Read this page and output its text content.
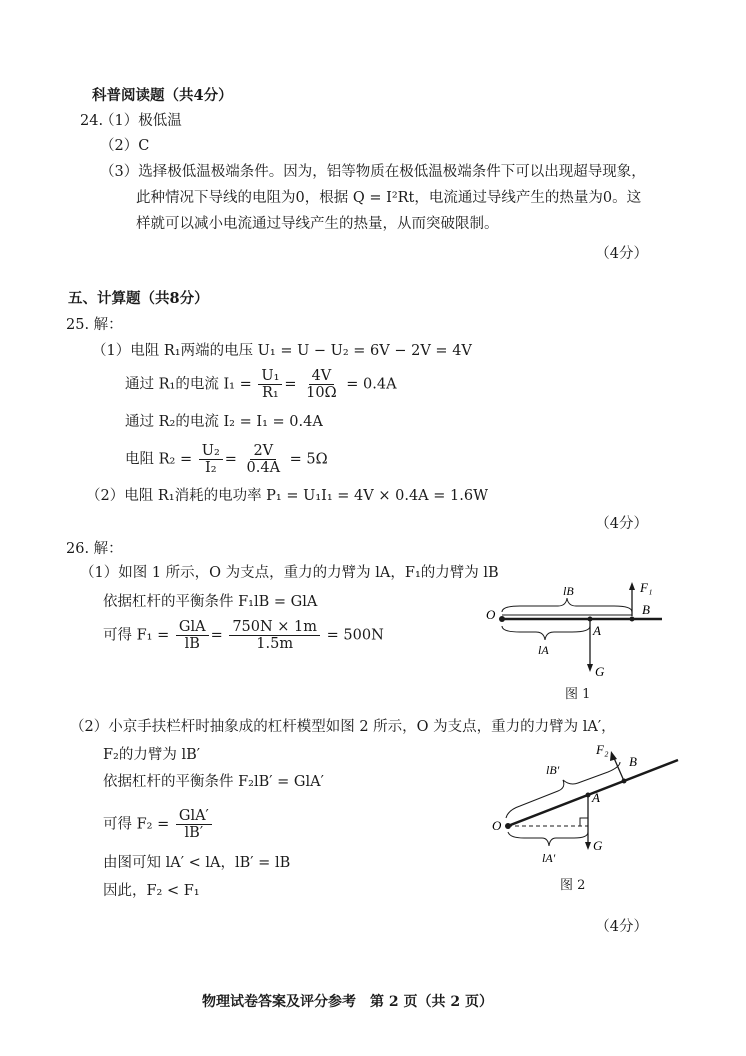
科普阅读题（共4分）
24.
（1）极低温
（2）C
（3）选择极低温极端条件。因为，铝等物质在极低温极端条件下可以出现超导现象，
此种情况下导线的电阻为0，根据 Q = I²Rt，电流通过导线产生的热量为0。这
样就可以减小电流通过导线产生的热量，从而突破限制。
（4分）
五、计算题（共8分）
25. 解：
（1）电阻 R₁两端的电压 U₁ = U − U₂ = 6V − 2V = 4V
通过 R₁的电流 $I_1 = \frac{\text{U₁}}{\text{R₁}} = \frac{4V}{10\Omega} = 0.4A$
通过 R₂的电流 I₂ = I₁ = 0.4A
电阻 $R_2 = \frac{\text{U₂}}{\text{I₂}} = \frac{2V}{0.4A} = 5\Omega$
（2）电阻 R₁消耗的电功率 P₁ = U₁I₁ = 4V × 0.4A = 1.6W
（4分）
26. 解：
（1）如图 1 所示，O 为支点，重力的力臂为 lA，F₁的力臂为 lB
依据杠杆的平衡条件 F₁lB = GlA
可得 $F_1 = \frac{\text{GlA}}{lB} = \frac{750N \times 1m}{1.5m} = 500N$
O
A
B
G
F₁
lB
lA
图 1
（2）小京手扶栏杆时抽象成的杠杆模型如图 2 所示，O 为支点，重力的力臂为 lA′，
F₂的力臂为 lB′
依据杠杆的平衡条件 F₂lB′ = GlA′
可得 $F_2 = \frac{\text{GlA′}}{lB'}$
由图可知 lA′ < lA，lB′ = lB
因此，F₂ < F₁
O
A
B
G
F₂
lB′
lA′
图 2
（4分）
物理试卷答案及评分参考　第 2 页（共 2 页）
